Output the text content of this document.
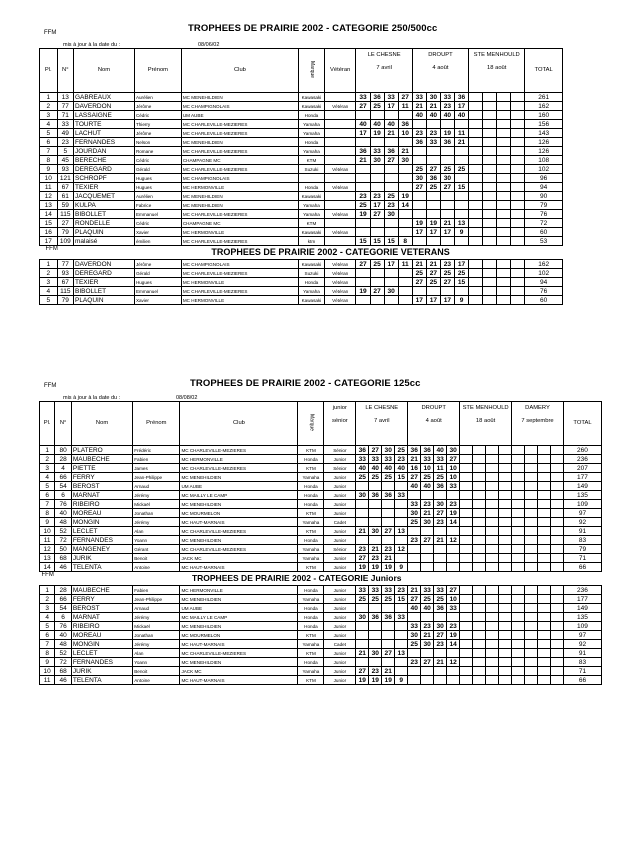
FFM	TROPHEES DE PRAIRIE 2002 - CATEGORIE 250/500cc
mis à jour à la date du :	08/06/02
Pl.	N°	Nom	Prénom	Club	Marque	Vétéran	LE CHESNE
7 avril				DROUPT
4 août				STE MENHOULD
18 août				TOTAL
1	13	GABREAUX	Aurélien	MC MENEHILDIEN	Kawasaki		33	36	33	27	33	30	33	36					261
2	77	DAVERDON	Jérôme	MC CHAMPIGNOLAIS	Kawasaki	Vétéran	27	25	17	11	21	21	23	17					162
3	71	LASSAIGNE	Cédric	UM AUBE	Honda						40	40	40	40					160
4	33	TOURTE	Thierry	MC CHARLEVILLE-MEZIERES	Yamaha		40	40	40	36									156
5	49	LACHUT	Jérôme	MC CHARLEVILLE-MEZIERES	Yamaha		17	19	21	10	23	23	19	11					143
6	23	FERNANDES	Nelson	MC MENEHILDIEN	Honda						36	33	36	21					126
7	5	JOURDAN	Romane	MC CHARLEVILLE-MEZIERES	Yamaha		36	33	36	21									126
8	45	BERECHE	Cédric	CHAMPAGNE MC	KTM		21	30	27	30									108
9	93	DEREGARD	Gérald	MC CHARLEVILLE-MEZIERES	Suzuki	Vétéran					25	27	25	25					102
10	121	SCHROPF	Hugues	MC CHAMPIGNOLAIS							30	36	30						96
11	67	TEXIER	Hugues	MC HERMONVILLE	Honda	Vétéran					27	25	27	15					94
12	61	JACQUEMET	Aurélien	MC MENEHILDIEN	Kawasaki		23	23	25	19									90
13	59	KULPA	Fabrice	MC MENEHILDIEN	Yamaha		25	17	23	14									79
14	115	BIBOLLET	Emmanuel	MC CHARLEVILLE-MEZIERES	Yamaha	Vétéran	19	27	30										76
15	27	RONDELLE	Cédric	CHAMPAGNE MC	KTM						19	19	21	13					72
16	79	PLAQUIN	Xavier	MC HERMONVILLE	Kawasaki	Vétéran					17	17	17	9					60
17	109	malaisé	émilien	MC CHARLEVILLE-MEZIERES	ktm		15	15	15	8									53
FFM				TROPHEES DE PRAIRIE 2002 - CATEGORIE VETERANS															
1	77	DAVERDON	Jérôme	MC CHAMPIGNOLAIS	Kawasaki	Vétéran	27	25	17	11	21	21	23	17					162
2	93	DEREGARD	Gérald	MC CHARLEVILLE-MEZIERES	Suzuki	Vétéran					25	27	25	25					102
3	67	TEXIER	Hugues	MC HERMONVILLE	Honda	Vétéran					27	25	27	15					94
4	115	BIBOLLET	Emmanuel	MC CHARLEVILLE-MEZIERES	Yamaha	Vétéran	19	27	30										76
5	79	PLAQUIN	Xavier	MC HERMONVILLE	Kawasaki	Vétéran					17	17	17	9					60
FFM	TROPHEES DE PRAIRIE 2002 - CATEGORIE 125cc
mis à jour à la date du :	08/08/02
Pl.	N°	Nom	Prénom	Club	Marque	junior
sénior	LE CHESNE
7 avril				DROUPT
4 août				STE MENHOULD
18 août				DAMERY
7 septembre				TOTAL
1	80	PLATERO	Frédéric	MC CHARLEVILLE-MEZIERES	KTM	Sénior	36	27	30	25	36	36	40	30									260
2	28	MAUBECHE	Fabien	MC HERMONVILLE	Honda	Junior	33	33	33	23	21	33	33	27									236
3	4	PIETTE	James	MC CHARLEVILLE-MEZIERES	KTM	Sénior	40	40	40	40	16	10	11	10									207
4	66	FERRY	Jean-Philippe	MC MENEHILDIEN	Yamaha	Junior	25	25	25	15	27	25	25	10									177
5	54	BEROST	Arnaud	UM AUBE	Honda	Junior					40	40	36	33									149
6	6	MARNAT	Jérémy	MC MAILLY LE CAMP	Honda	Junior	30	36	36	33													135
7	76	RIBEIRO	Mickaël	MC MENEHILDIEN	Honda	Junior					33	23	30	23									109
8	40	MOREAU	Jonathan	MC MOURMELON	KTM	Junior					30	21	27	19									97
9	48	MONGIN	Jérémy	MC HAUT-MARNAIS	Yamaha	Cadet					25	30	23	14									92
10	52	LECLET	Alan	MC CHARLEVILLE-MEZIERES	KTM	Junior	21	30	27	13													91
11	72	FERNANDES	Yoann	MC MENEHILDIEN	Honda	Junior					23	27	21	12									83
12	50	MANGENEY	Gérant	MC CHARLEVILLE-MEZIERES	Yamaha	Sénior	23	21	23	12													79
13	68	JURIK	Benoit	JACK MC	Yamaha	Junior	27	23	21														71
14	46	TELENTA	Antoine	MC HAUT-MARNAIS	KTM	Junior	19	19	19	9													66
FFM				TROPHEES DE PRAIRIE 2002 - CATEGORIE Juniors																			
1	28	MAUBECHE	Fabien	MC HERMONVILLE	Honda	Junior	33	33	33	23	21	33	33	27									236
2	66	FERRY	Jean-Philippe	MC MENEHILDIEN	Yamaha	Junior	25	25	25	15	27	25	25	10									177
3	54	BEROST	Arnaud	UM AUBE	Honda	Junior					40	40	36	33									149
4	6	MARNAT	Jérémy	MC MAILLY LE CAMP	Honda	Junior	30	36	36	33													135
5	76	RIBEIRO	Mickaël	MC MENEHILDIEN	Honda	Junior					33	23	30	23									109
6	40	MOREAU	Jonathan	MC MOURMELON	KTM	Junior					30	21	27	19									97
7	48	MONGIN	Jérémy	MC HAUT-MARNAIS	Yamaha	Cadet					25	30	23	14									92
8	52	LECLET	Alan	MC CHARLEVILLE-MEZIERES	KTM	Junior	21	30	27	13													91
9	72	FERNANDES	Yoann	MC MENEHILDIEN	Honda	Junior					23	27	21	12									83
10	68	JURIK	Benoit	JACK MC	Yamaha	Junior	27	23	21														71
11	46	TELENTA	Antoine	MC HAUT-MARNAIS	KTM	Junior	19	19	19	9													66
